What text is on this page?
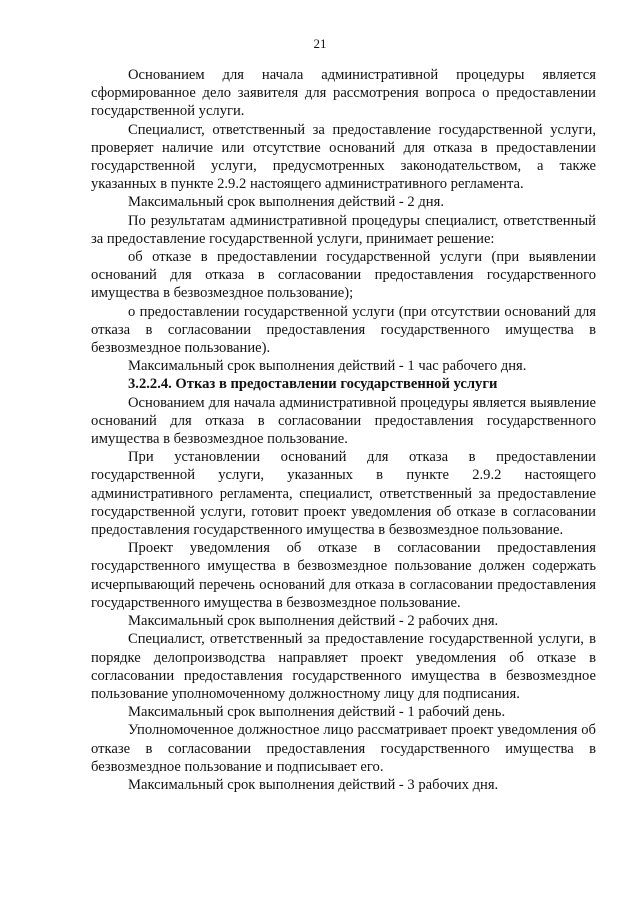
21

Основанием для начала административной процедуры является сформированное дело заявителя для рассмотрения вопроса о предоставлении государственной услуги.

Специалист, ответственный за предоставление государственной услуги, проверяет наличие или отсутствие оснований для отказа в предоставлении государственной услуги, предусмотренных законодательством, а также указанных в пункте 2.9.2 настоящего административного регламента.

Максимальный срок выполнения действий - 2 дня.

По результатам административной процедуры специалист, ответственный за предоставление государственной услуги, принимает решение:

об отказе в предоставлении государственной услуги (при выявлении оснований для отказа в согласовании предоставления государственного имущества в безвозмездное пользование);

о предоставлении государственной услуги (при отсутствии оснований для отказа в согласовании предоставления государственного имущества в безвозмездное пользование).

Максимальный срок выполнения действий - 1 час рабочего дня.

3.2.2.4. Отказ в предоставлении государственной услуги

Основанием для начала административной процедуры является выявление оснований для отказа в согласовании предоставления государственного имущества в безвозмездное пользование.

При установлении оснований для отказа в предоставлении государственной услуги, указанных в пункте 2.9.2 настоящего административного регламента, специалист, ответственный за предоставление государственной услуги, готовит проект уведомления об отказе в согласовании предоставления государственного имущества в безвозмездное пользование.

Проект уведомления об отказе в согласовании предоставления государственного имущества в безвозмездное пользование должен содержать исчерпывающий перечень оснований для отказа в согласовании предоставления государственного имущества в безвозмездное пользование.

Максимальный срок выполнения действий - 2 рабочих дня.

Специалист, ответственный за предоставление государственной услуги, в порядке делопроизводства направляет проект уведомления об отказе в согласовании предоставления государственного имущества в безвозмездное пользование уполномоченному должностному лицу для подписания.

Максимальный срок выполнения действий - 1 рабочий день.

Уполномоченное должностное лицо рассматривает проект уведомления об отказе в согласовании предоставления государственного имущества в безвозмездное пользование и подписывает его.

Максимальный срок выполнения действий - 3 рабочих дня.
